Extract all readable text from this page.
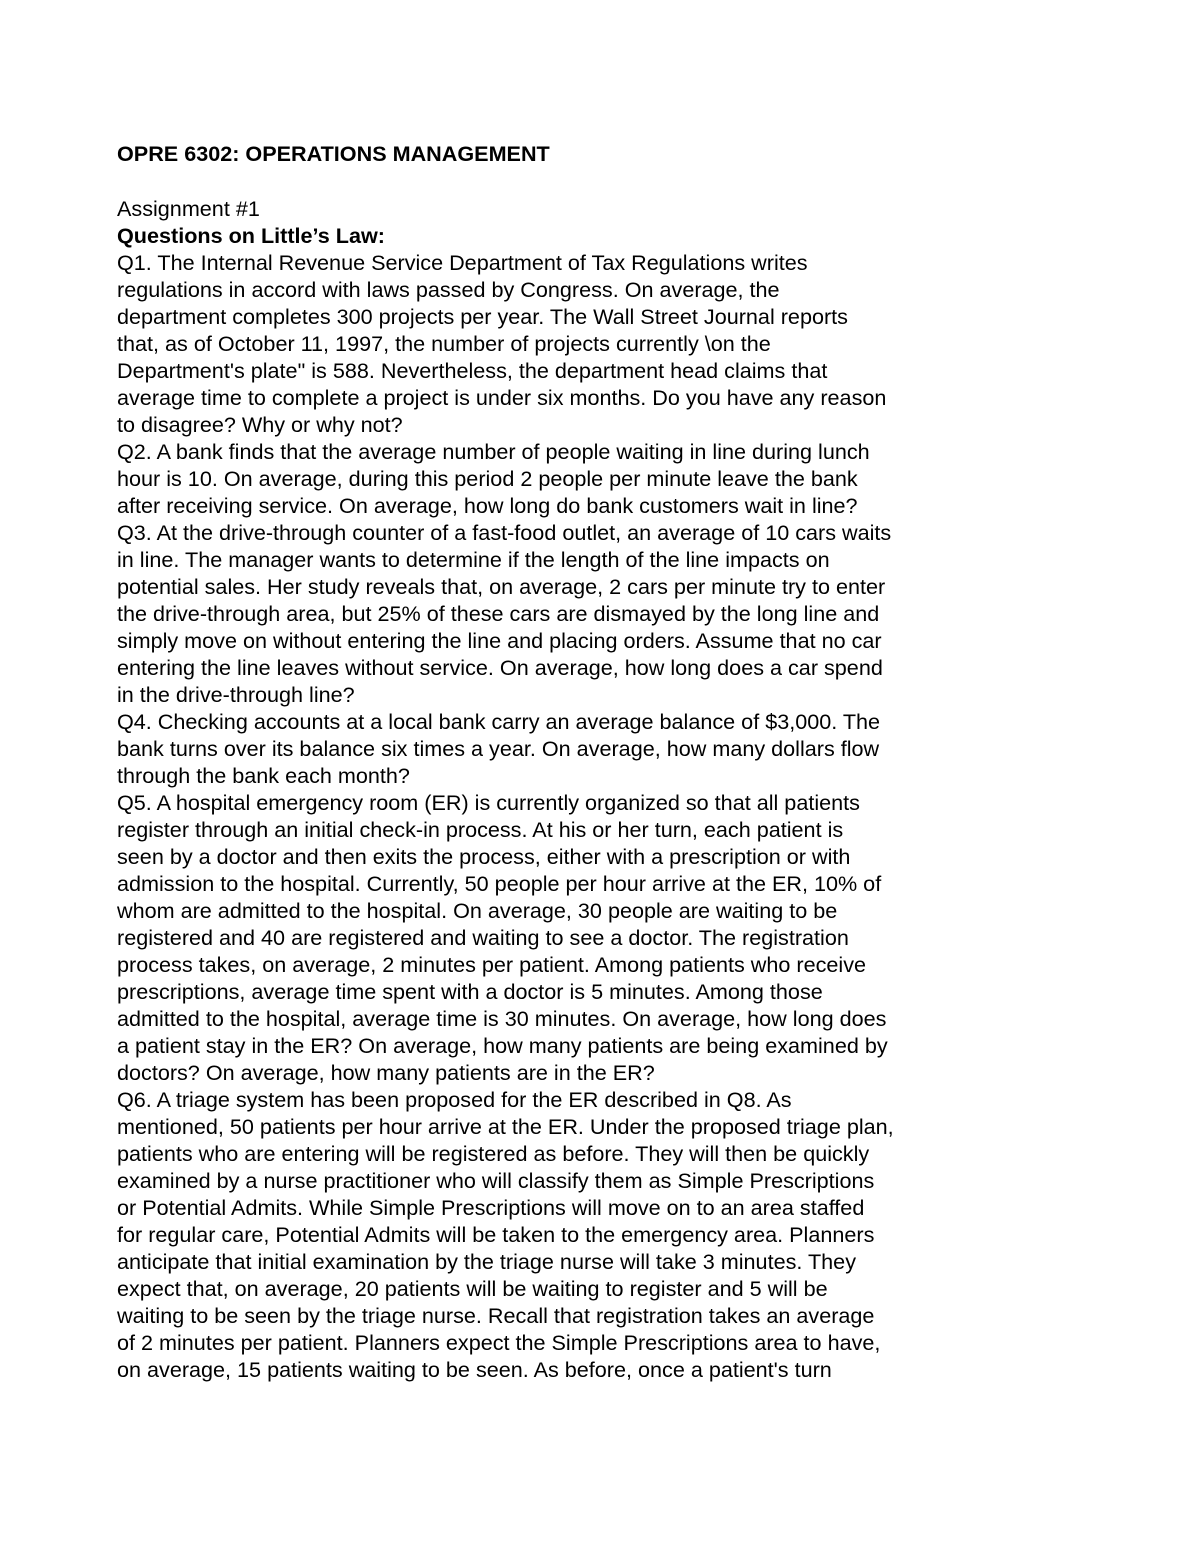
OPRE 6302: OPERATIONS MANAGEMENT

Assignment #1

Questions on Little’s Law:

Q1. The Internal Revenue Service Department of Tax Regulations writes

regulations in accord with laws passed by Congress. On average, the

department completes 300 projects per year. The Wall Street Journal reports

that, as of October 11, 1997, the number of projects currently \on the

Department's plate" is 588. Nevertheless, the department head claims that

average time to complete a project is under six months. Do you have any reason

to disagree? Why or why not?

Q2. A bank finds that the average number of people waiting in line during lunch

hour is 10. On average, during this period 2 people per minute leave the bank

after receiving service. On average, how long do bank customers wait in line?

Q3. At the drive-through counter of a fast-food outlet, an average of 10 cars waits

in line. The manager wants to determine if the length of the line impacts on

potential sales. Her study reveals that, on average, 2 cars per minute try to enter

the drive-through area, but 25% of these cars are dismayed by the long line and

simply move on without entering the line and placing orders. Assume that no car

entering the line leaves without service. On average, how long does a car spend

in the drive-through line?

Q4. Checking accounts at a local bank carry an average balance of $3,000. The

bank turns over its balance six times a year. On average, how many dollars flow

through the bank each month?

Q5. A hospital emergency room (ER) is currently organized so that all patients

register through an initial check-in process. At his or her turn, each patient is

seen by a doctor and then exits the process, either with a prescription or with

admission to the hospital. Currently, 50 people per hour arrive at the ER, 10% of

whom are admitted to the hospital. On average, 30 people are waiting to be

registered and 40 are registered and waiting to see a doctor. The registration

process takes, on average, 2 minutes per patient. Among patients who receive

prescriptions, average time spent with a doctor is 5 minutes. Among those

admitted to the hospital, average time is 30 minutes. On average, how long does

a patient stay in the ER? On average, how many patients are being examined by

doctors? On average, how many patients are in the ER?

Q6. A triage system has been proposed for the ER described in Q8. As

mentioned, 50 patients per hour arrive at the ER. Under the proposed triage plan,

patients who are entering will be registered as before. They will then be quickly

examined by a nurse practitioner who will classify them as Simple Prescriptions

or Potential Admits. While Simple Prescriptions will move on to an area staffed

for regular care, Potential Admits will be taken to the emergency area. Planners

anticipate that initial examination by the triage nurse will take 3 minutes. They

expect that, on average, 20 patients will be waiting to register and 5 will be

waiting to be seen by the triage nurse. Recall that registration takes an average

of 2 minutes per patient. Planners expect the Simple Prescriptions area to have,

on average, 15 patients waiting to be seen. As before, once a patient's turn
